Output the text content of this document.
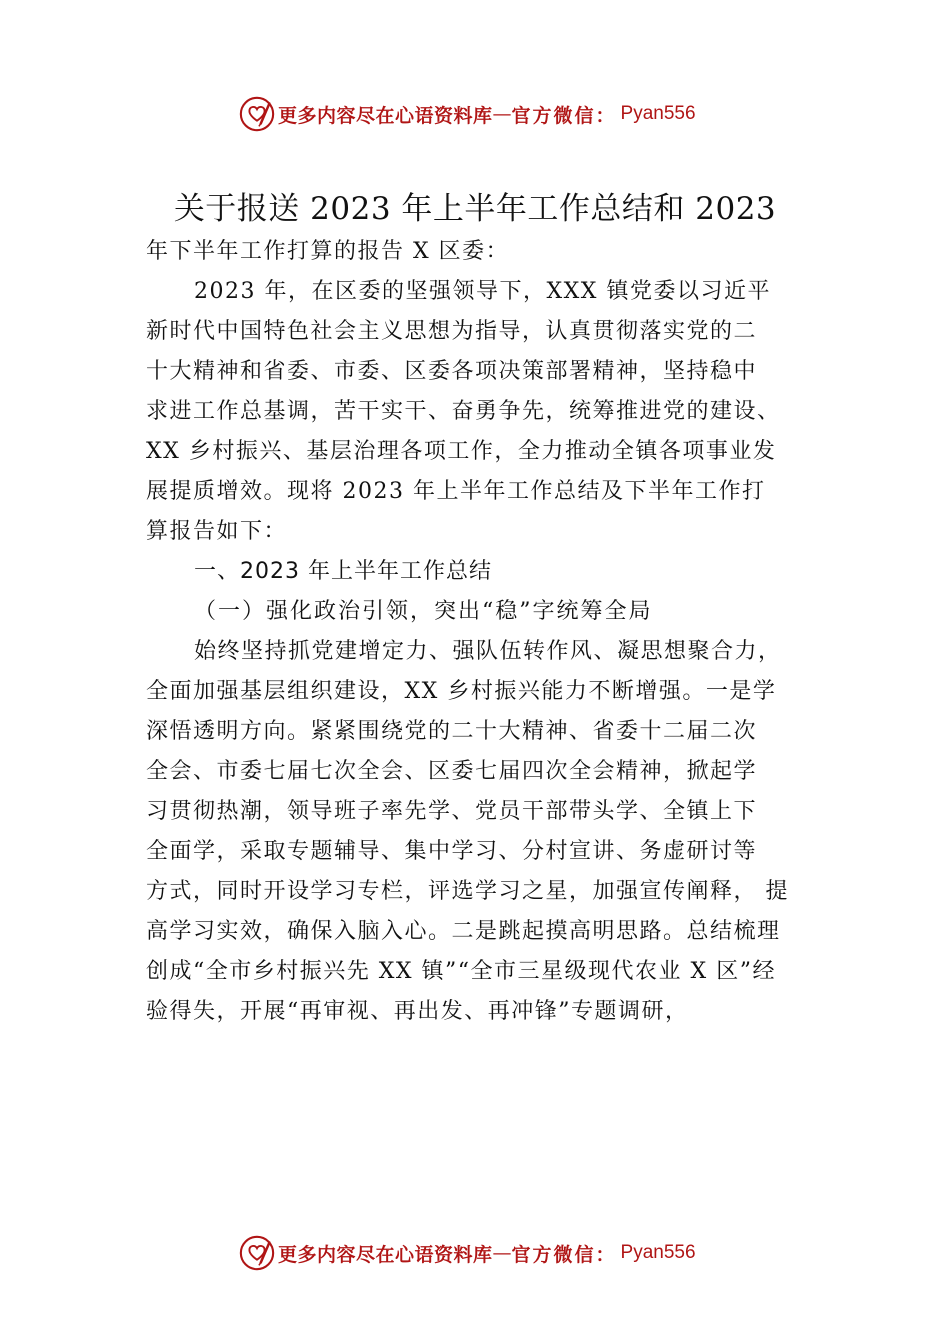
更多内容尽在心语资料库 — 官方微信： Pyan556
关于报送 2023 年上半年工作总结和 2023
年下半年工作打算的报告 X 区委：
2023 年，在区委的坚强领导下，XXX 镇党委以习近平
新时代中国特色社会主义思想为指导，认真贯彻落实党的二
十大精神和省委、市委、区委各项决策部署精神，坚持稳中
求进工作总基调，苦干实干、奋勇争先，统筹推进党的建设、
XX 乡村振兴、基层治理各项工作，全力推动全镇各项事业发
展提质增效。现将 2023 年上半年工作总结及下半年工作打
算报告如下：
一、2023 年上半年工作总结
（一）强化政治引领，突出“稳”字统筹全局
始终坚持抓党建增定力、强队伍转作风、凝思想聚合力，
全面加强基层组织建设，XX 乡村振兴能力不断增强。一是学
深悟透明方向。紧紧围绕党的二十大精神、省委十二届二次
全会、市委七届七次全会、区委七届四次全会精神，掀起学
习贯彻热潮，领导班子率先学、党员干部带头学、全镇上下
全面学，采取专题辅导、集中学习、分村宣讲、务虚研讨等
方式，同时开设学习专栏，评选学习之星，加强宣传阐释， 提
高学习实效，确保入脑入心。二是跳起摸高明思路。总结梳理
创成“全市乡村振兴先 XX 镇”“全市三星级现代农业 X 区”经
验得失，开展“再审视、再出发、再冲锋”专题调研，
更多内容尽在心语资料库 — 官方微信： Pyan556
